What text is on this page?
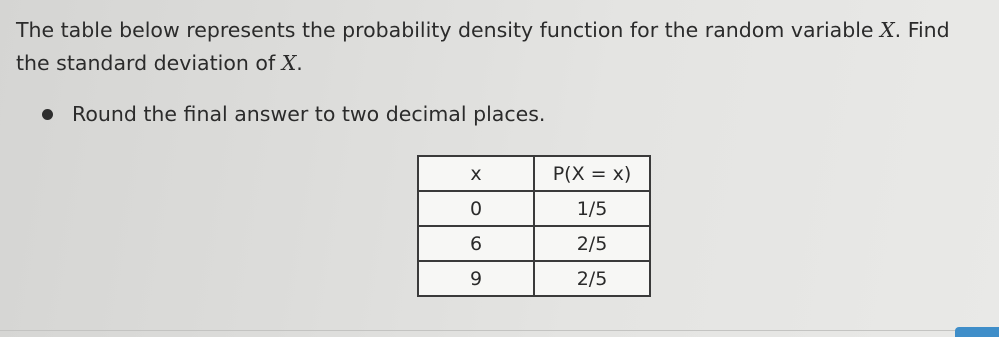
The table below represents the probability density function for the random variable X. Find the standard deviation of X.
Round the final answer to two decimal places.
x	P(X = x)
0	1/5
6	2/5
9	2/5
